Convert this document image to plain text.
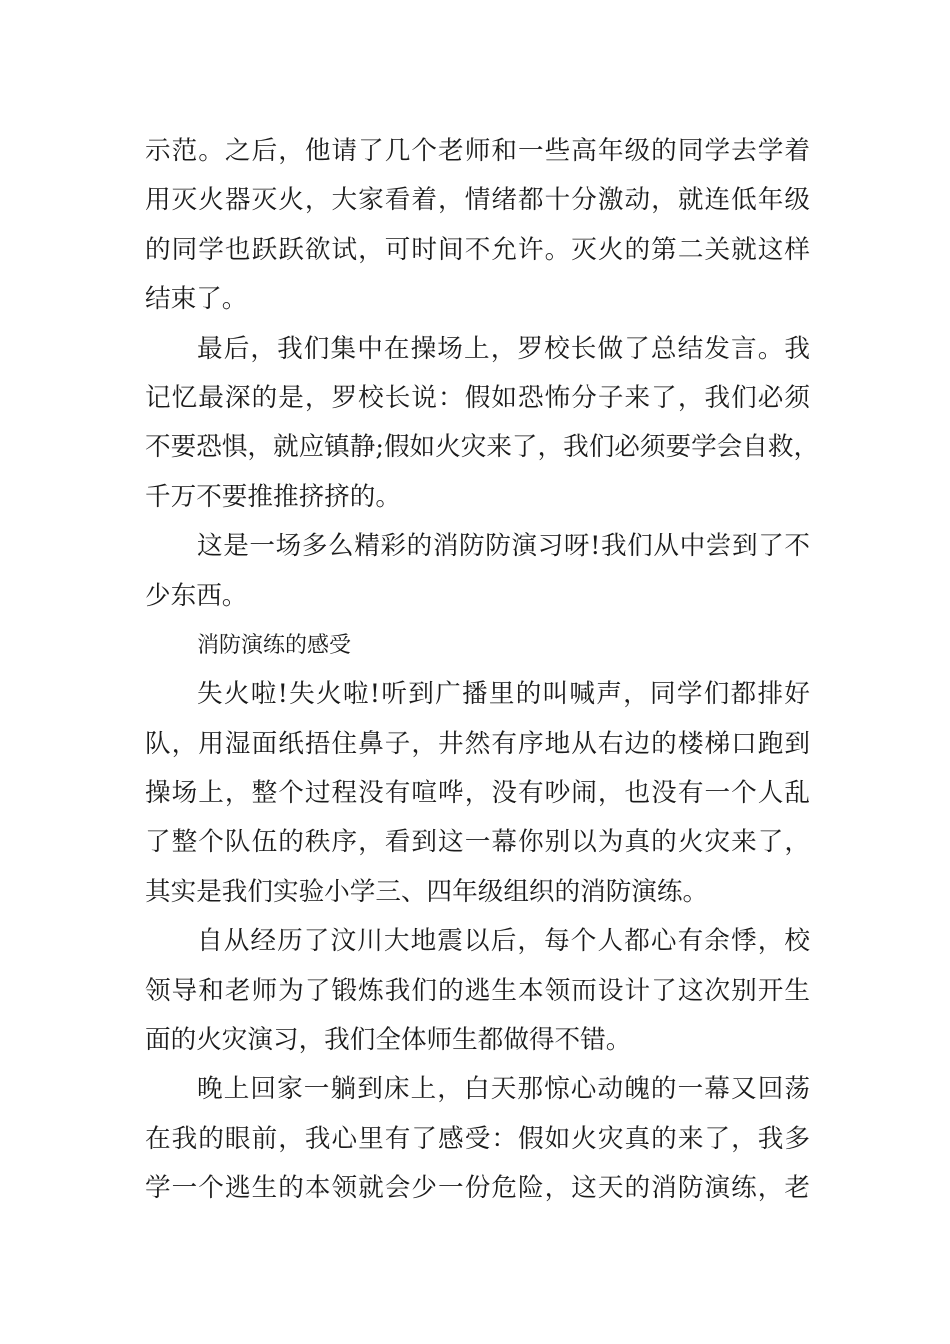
示范。之后，他请了几个老师和一些高年级的同学去学着
用灭火器灭火，大家看着，情绪都十分激动，就连低年级
的同学也跃跃欲试，可时间不允许。灭火的第二关就这样
结束了。
最后，我们集中在操场上，罗校长做了总结发言。我
记忆最深的是，罗校长说：假如恐怖分子来了，我们必须
不要恐惧，就应镇静;假如火灾来了，我们必须要学会自救，
千万不要推推挤挤的。
这是一场多么精彩的消防防演习呀!我们从中尝到了不
少东西。
消防演练的感受
失火啦!失火啦!听到广播里的叫喊声，同学们都排好
队，用湿面纸捂住鼻子，井然有序地从右边的楼梯口跑到
操场上，整个过程没有喧哗，没有吵闹，也没有一个人乱
了整个队伍的秩序，看到这一幕你别以为真的火灾来了，
其实是我们实验小学三、四年级组织的消防演练。
自从经历了汶川大地震以后，每个人都心有余悸，校
领导和老师为了锻炼我们的逃生本领而设计了这次别开生
面的火灾演习，我们全体师生都做得不错。
晚上回家一躺到床上，白天那惊心动魄的一幕又回荡
在我的眼前，我心里有了感受：假如火灾真的来了，我多
学一个逃生的本领就会少一份危险，这天的消防演练，老
